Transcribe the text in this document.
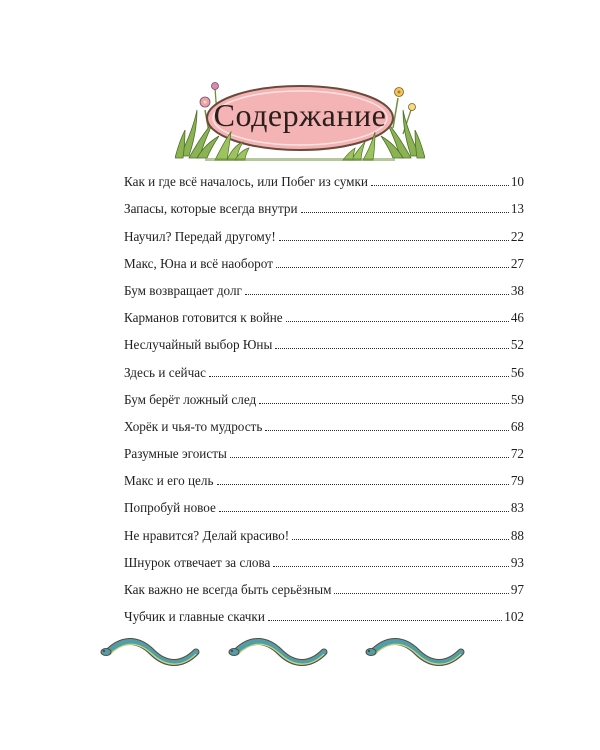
Содержание
Как и где всё началось, или Побег из сумки	10
Запасы, которые всегда внутри	13
Научил? Передай другому!	22
Макс, Юна и всё наоборот	27
Бум возвращает долг	38
Карманов готовится к войне	46
Неслучайный выбор Юны	52
Здесь и сейчас	56
Бум берёт ложный след	59
Хорёк и чья-то мудрость	68
Разумные эгоисты	72
Макс и его цель	79
Попробуй новое	83
Не нравится? Делай красиво!	88
Шнурок отвечает за слова	93
Как важно не всегда быть серьёзным	97
Чубчик и главные скачки	102
